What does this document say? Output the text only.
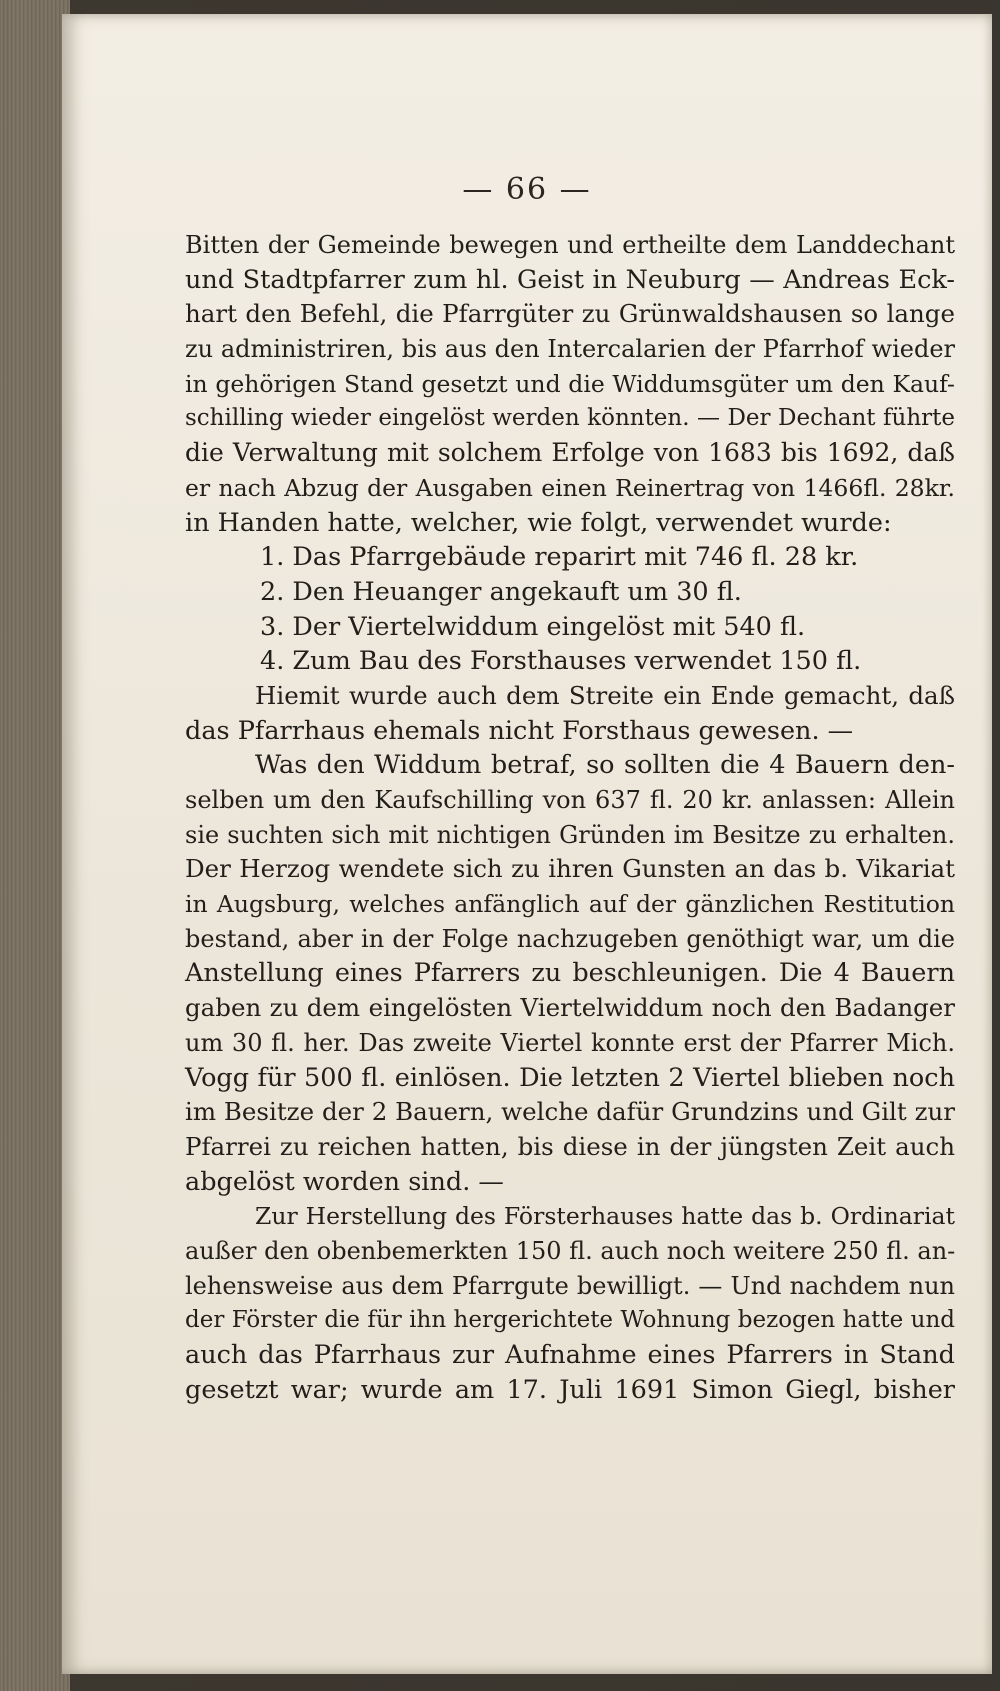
— 66 —
Bitten der Gemeinde bewegen und ertheilte dem Landdechant
und Stadtpfarrer zum hl. Geist in Neuburg — Andreas Eck-
hart den Befehl, die Pfarrgüter zu Grünwaldshausen so lange
zu administriren, bis aus den Intercalarien der Pfarrhof wieder
in gehörigen Stand gesetzt und die Widdumsgüter um den Kauf-
schilling wieder eingelöst werden könnten. — Der Dechant führte
die Verwaltung mit solchem Erfolge von 1683 bis 1692, daß
er nach Abzug der Ausgaben einen Reinertrag von 1466fl. 28kr.
in Handen hatte, welcher, wie folgt, verwendet wurde:
1. Das Pfarrgebäude reparirt mit 746 fl. 28 kr.
2. Den Heuanger angekauft um 30 fl.
3. Der Viertelwiddum eingelöst mit 540 fl.
4. Zum Bau des Forsthauses verwendet 150 fl.
Hiemit wurde auch dem Streite ein Ende gemacht, daß
das Pfarrhaus ehemals nicht Forsthaus gewesen. —
Was den Widdum betraf, so sollten die 4 Bauern den-
selben um den Kaufschilling von 637 fl. 20 kr. anlassen: Allein
sie suchten sich mit nichtigen Gründen im Besitze zu erhalten.
Der Herzog wendete sich zu ihren Gunsten an das b. Vikariat
in Augsburg, welches anfänglich auf der gänzlichen Restitution
bestand, aber in der Folge nachzugeben genöthigt war, um die
Anstellung eines Pfarrers zu beschleunigen. Die 4 Bauern
gaben zu dem eingelösten Viertelwiddum noch den Badanger
um 30 fl. her. Das zweite Viertel konnte erst der Pfarrer Mich.
Vogg für 500 fl. einlösen. Die letzten 2 Viertel blieben noch
im Besitze der 2 Bauern, welche dafür Grundzins und Gilt zur
Pfarrei zu reichen hatten, bis diese in der jüngsten Zeit auch
abgelöst worden sind. —
Zur Herstellung des Försterhauses hatte das b. Ordinariat
außer den obenbemerkten 150 fl. auch noch weitere 250 fl. an-
lehensweise aus dem Pfarrgute bewilligt. — Und nachdem nun
der Förster die für ihn hergerichtete Wohnung bezogen hatte und
auch das Pfarrhaus zur Aufnahme eines Pfarrers in Stand
gesetzt war; wurde am 17. Juli 1691 Simon Giegl, bisher
